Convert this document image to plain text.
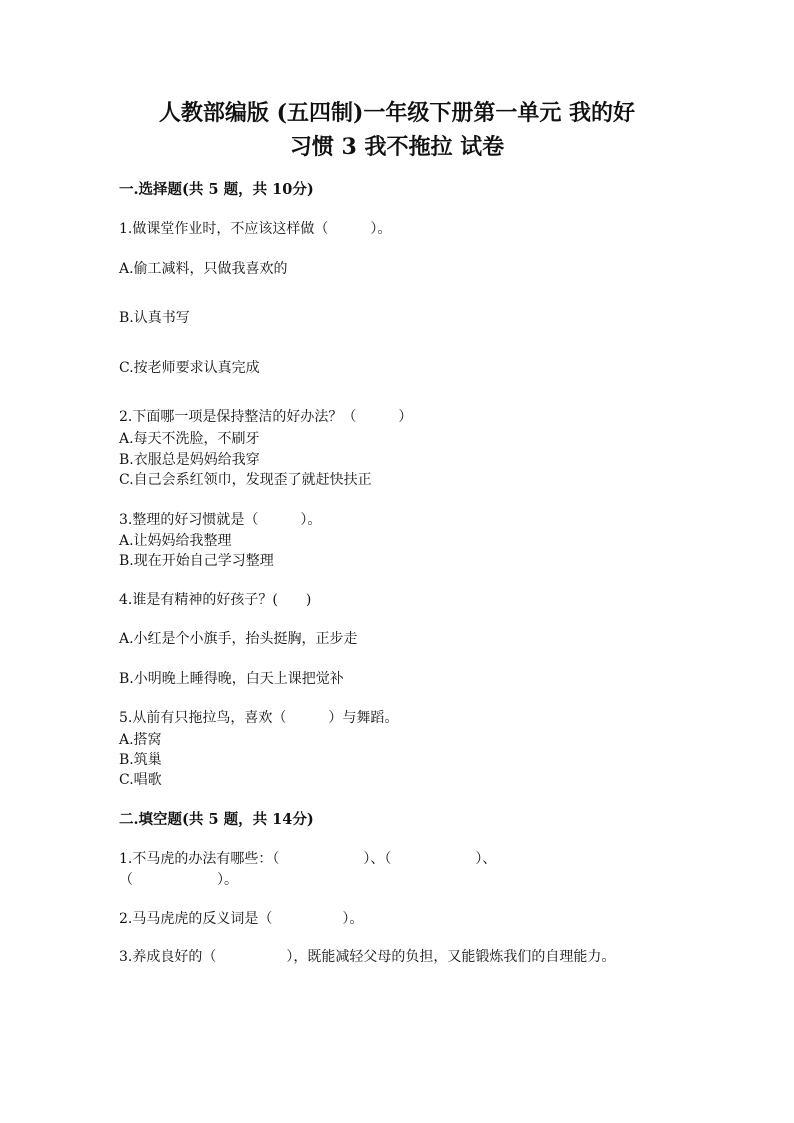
人教部编版 (五四制)一年级下册第一单元 我的好
习惯 3 我不拖拉 试卷
一.选择题(共 5 题，共 10分)
1.做课堂作业时，不应该这样做（　　　）。
A.偷工减料，只做我喜欢的
B.认真书写
C.按老师要求认真完成
2.下面哪一项是保持整洁的好办法？（　　　）
A.每天不洗脸，不刷牙
B.衣服总是妈妈给我穿
C.自己会系红领巾，发现歪了就赶快扶正
3.整理的好习惯就是（　　　）。
A.让妈妈给我整理
B.现在开始自己学习整理
4.谁是有精神的好孩子？(　　)
A.小红是个小旗手，抬头挺胸，正步走
B.小明晚上睡得晚，白天上课把觉补
5.从前有只拖拉鸟，喜欢（　　　）与舞蹈。
A.搭窝
B.筑巢
C.唱歌
二.填空题(共 5 题，共 14分)
1.不马虎的办法有哪些：（　　　　　　）、（　　　　　　）、
（　　　　　　）。
2.马马虎虎的反义词是（　　　　　）。
3.养成良好的（　　　　　），既能减轻父母的负担，又能锻炼我们的自理能力。
